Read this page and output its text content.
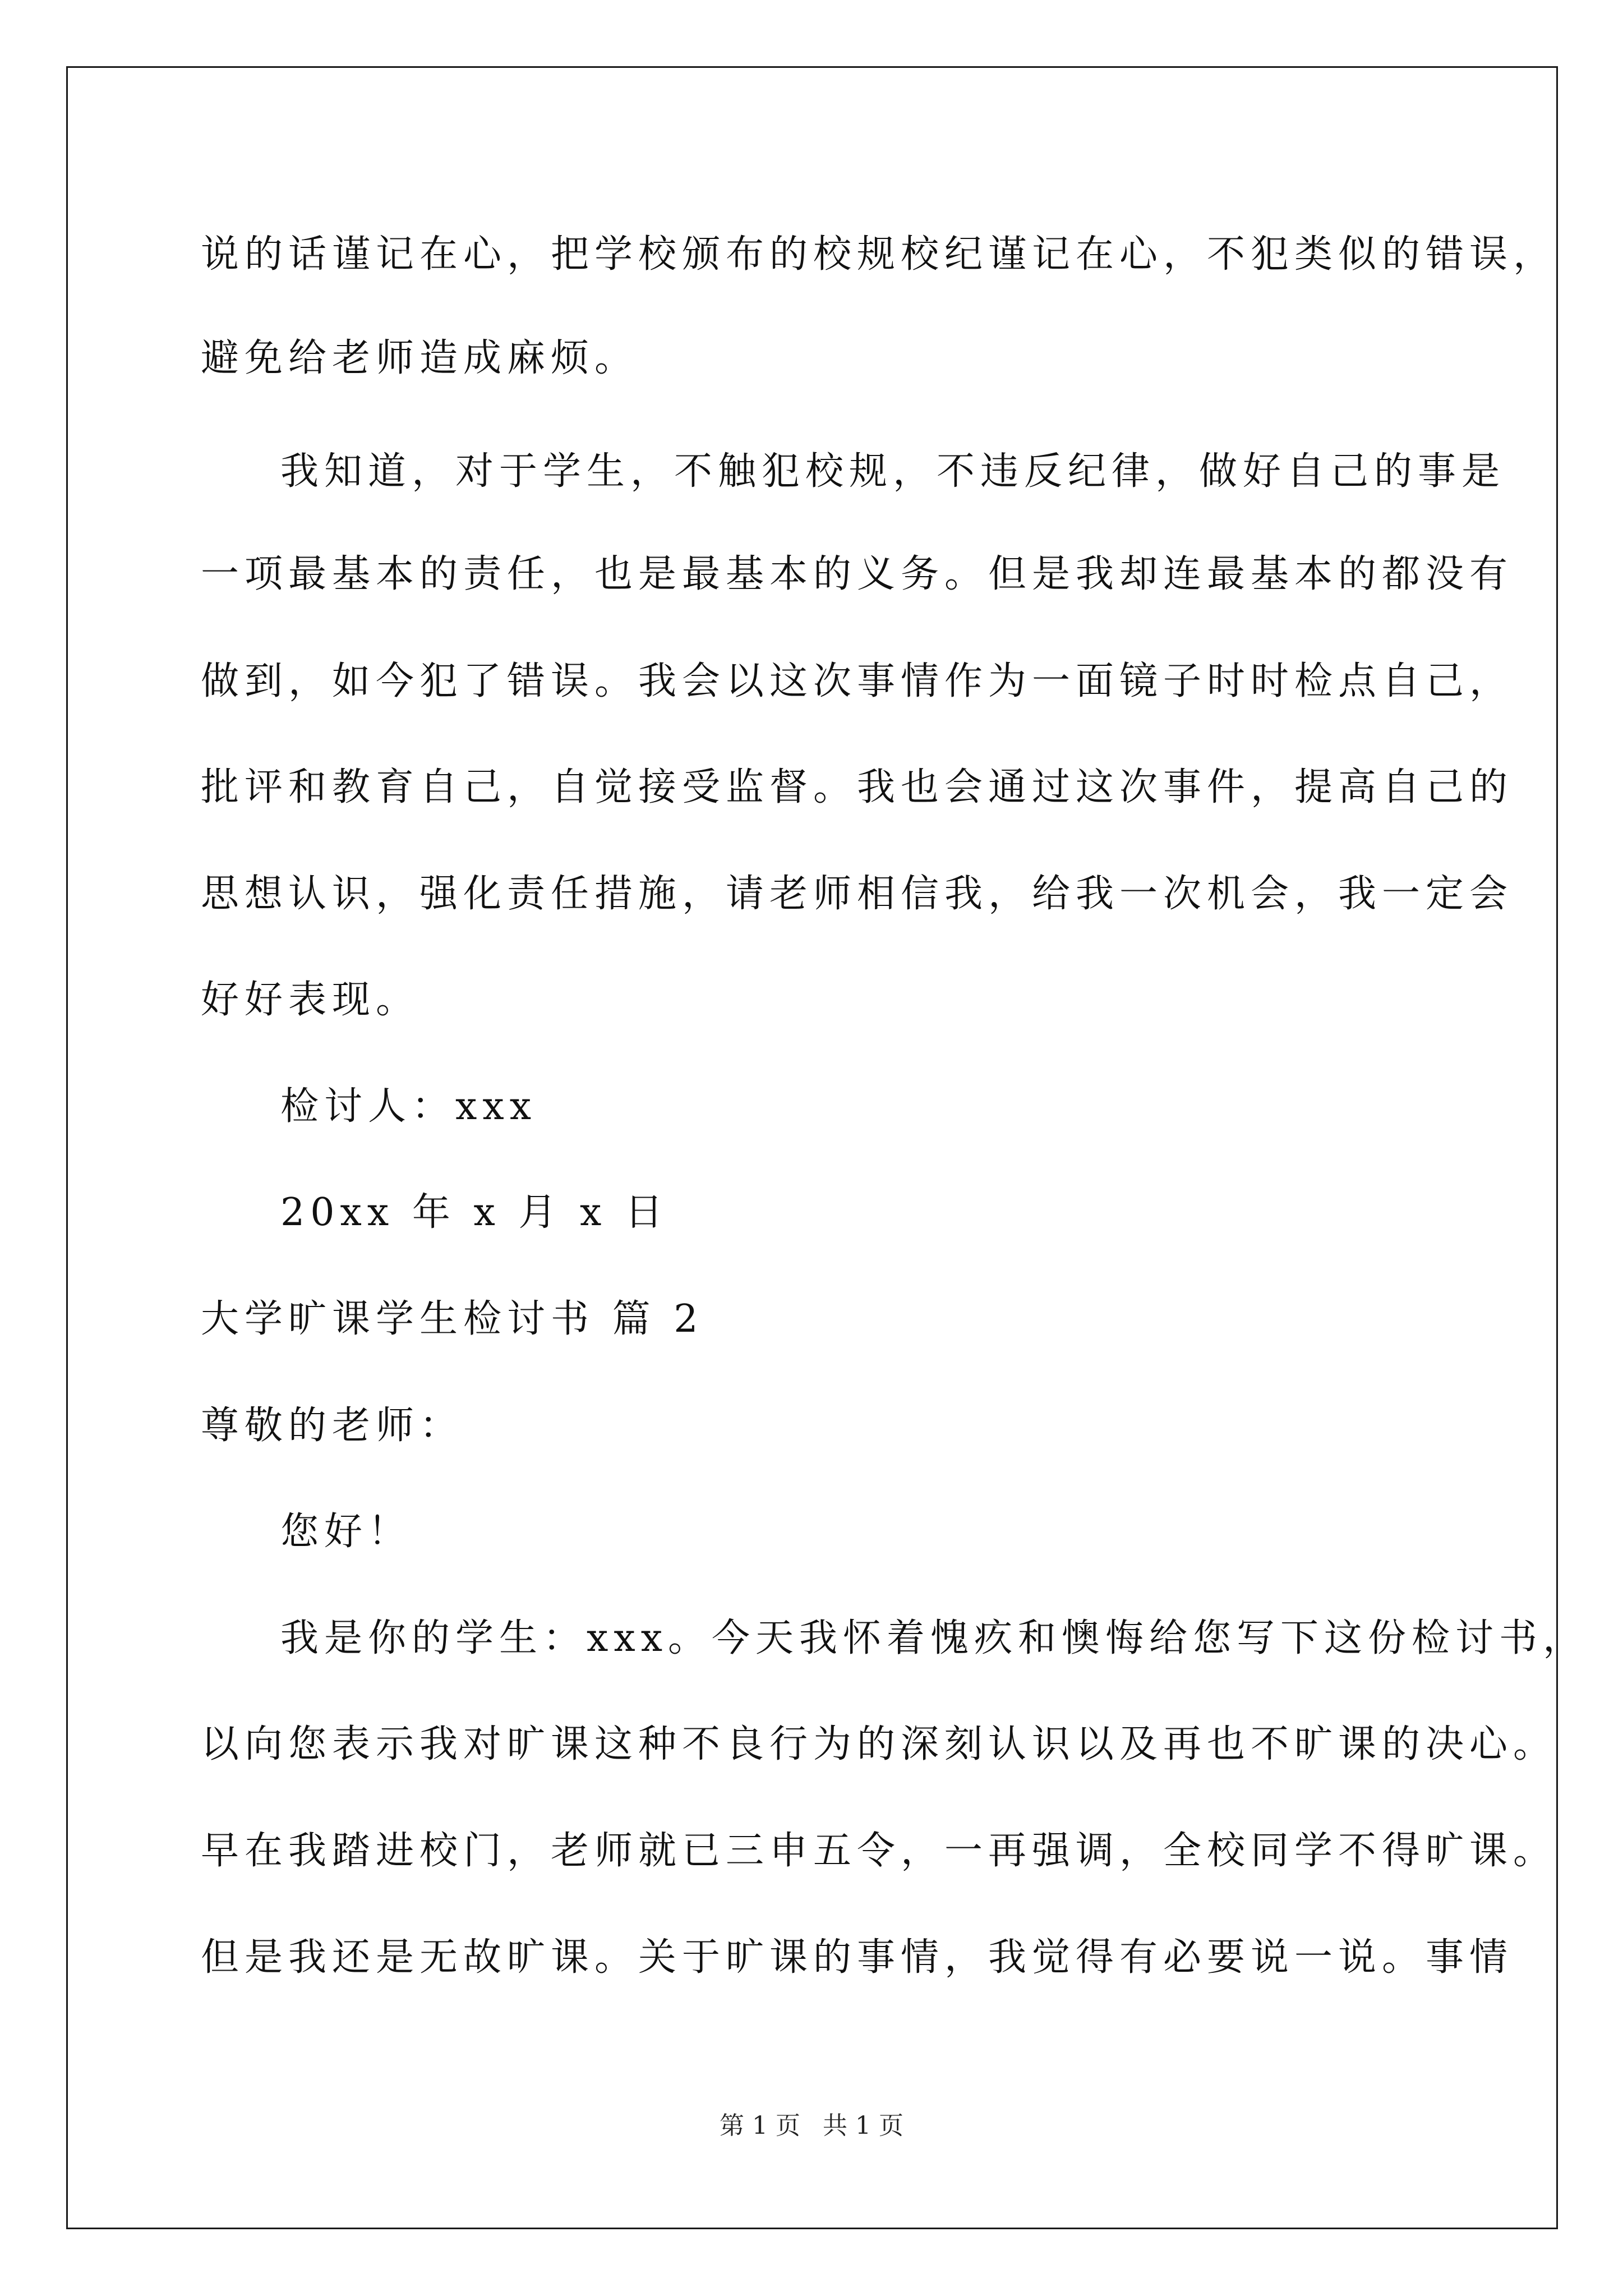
说的话谨记在心，把学校颁布的校规校纪谨记在心，不犯类似的错误，
避免给老师造成麻烦。
我知道，对于学生，不触犯校规，不违反纪律，做好自己的事是
一项最基本的责任，也是最基本的义务。但是我却连最基本的都没有
做到，如今犯了错误。我会以这次事情作为一面镜子时时检点自己，
批评和教育自己，自觉接受监督。我也会通过这次事件，提高自己的
思想认识，强化责任措施，请老师相信我，给我一次机会，我一定会
好好表现。
检讨人：xxx
20xx 年 x 月 x 日
大学旷课学生检讨书 篇 2
尊敬的老师：
您好！
我是你的学生：xxx。今天我怀着愧疚和懊悔给您写下这份检讨书，
以向您表示我对旷课这种不良行为的深刻认识以及再也不旷课的决心。
早在我踏进校门，老师就已三申五令，一再强调，全校同学不得旷课。
但是我还是无故旷课。关于旷课的事情，我觉得有必要说一说。事情
第 1 页 共 1 页
